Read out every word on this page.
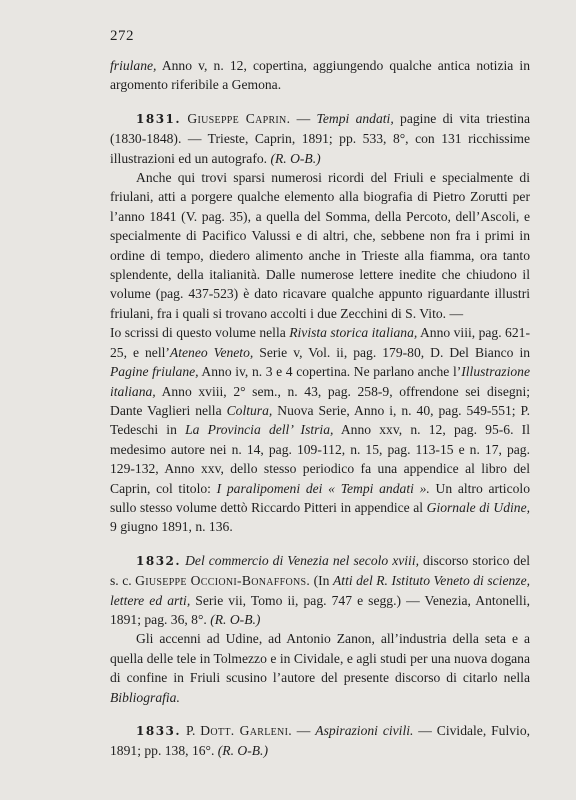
272
friulane, Anno v, n. 12, copertina, aggiungendo qualche antica notizia in argomento riferibile a Gemona.
1831. Giuseppe Caprin. — Tempi andati, pagine di vita triestina (1830-1848). — Trieste, Caprin, 1891; pp. 533, 8°, con 131 ricchissime illustrazioni ed un autografo. (R. O-B.)
Anche qui trovi sparsi numerosi ricordi del Friuli e specialmente di friulani, atti a porgere qualche elemento alla biografia di Pietro Zorutti per l’anno 1841 (V. pag. 35), a quella del Somma, della Percoto, dell’Ascoli, e specialmente di Pacifico Valussi e di altri, che, sebbene non fra i primi in ordine di tempo, diedero alimento anche in Trieste alla fiamma, ora tanto splendente, della italianità. Dalle numerose lettere inedite che chiudono il volume (pag. 437-523) è dato ricavare qualche appunto riguardante illustri friulani, fra i quali si trovano accolti i due Zecchini di S. Vito. —
Io scrissi di questo volume nella Rivista storica italiana, Anno viii, pag. 621-25, e nell’Ateneo Veneto, Serie v, Vol. ii, pag. 179-80, D. Del Bianco in Pagine friulane, Anno iv, n. 3 e 4 copertina. Ne parlano anche l’Illustrazione italiana, Anno xviii, 2° sem., n. 43, pag. 258-9, offrendone sei disegni; Dante Vaglieri nella Coltura, Nuova Serie, Anno i, n. 40, pag. 549-551; P. Tedeschi in La Provincia dell’ Istria, Anno xxv, n. 12, pag. 95-6. Il medesimo autore nei n. 14, pag. 109-112, n. 15, pag. 113-15 e n. 17, pag. 129-132, Anno xxv, dello stesso periodico fa una appendice al libro del Caprin, col titolo: I paralipomeni dei « Tempi andati ». Un altro articolo sullo stesso volume dettò Riccardo Pitteri in appendice al Giornale di Udine, 9 giugno 1891, n. 136.
1832. Del commercio di Venezia nel secolo xviii, discorso storico del s. c. Giuseppe Occioni-Bonaffons. (In Atti del R. Istituto Veneto di scienze, lettere ed arti, Serie vii, Tomo ii, pag. 747 e segg.) — Venezia, Antonelli, 1891; pag. 36, 8°. (R. O-B.)
Gli accenni ad Udine, ad Antonio Zanon, all’industria della seta e a quella delle tele in Tolmezzo e in Cividale, e agli studi per una nuova dogana di confine in Friuli scusino l’autore del presente discorso di citarlo nella Bibliografia.
1833. P. Dott. Garleni. — Aspirazioni civili. — Cividale, Fulvio, 1891; pp. 138, 16°. (R. O-B.)
